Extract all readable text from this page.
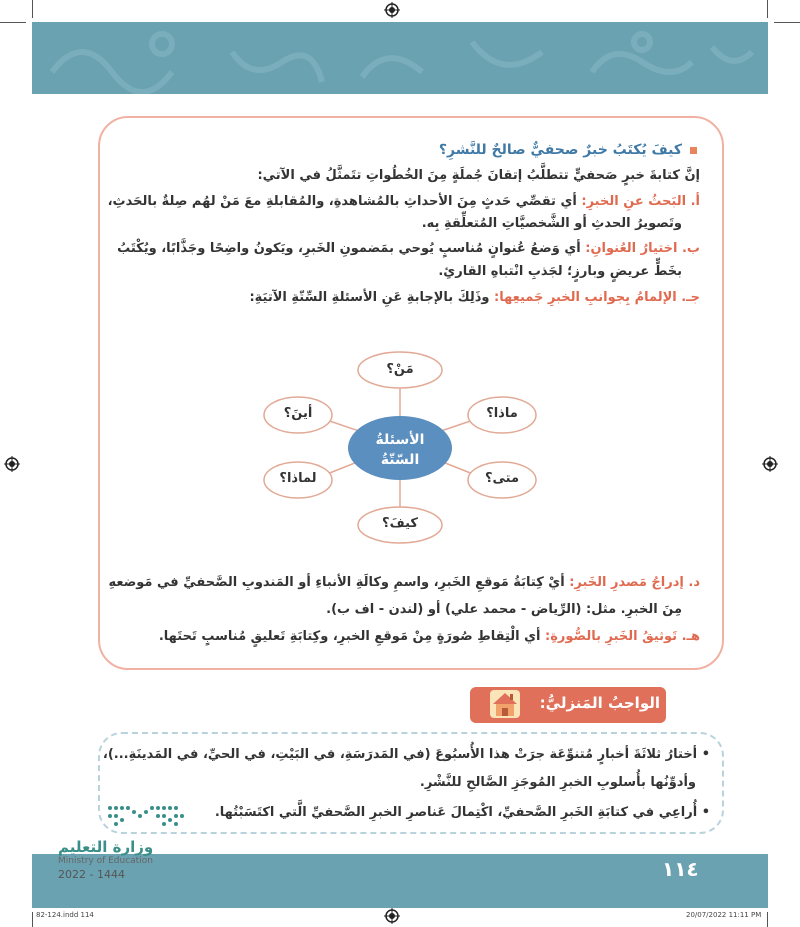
كيفَ يُكتَبُ خبرٌ صحفيٌّ صالحٌ للنَّشرِ؟
إنَّ كتابةَ خبرٍ صَحفيٍّ تتطلَّبُ إتقانَ جُملَةٍ مِنَ الخُطُواتِ تتَمثَّلُ في الآتي:
أ. البَحثُ عنِ الخبرِ: أي تقصِّي حَدثٍ مِنَ الأحداثِ بالمُشاهدةِ، والمُقابلةِ معَ مَنْ لهُم صِلةٌ بالحَدثِ،
وتَصويرُ الحدثِ أو الشَّخصيَّاتِ المُتعلِّقةِ بِه.
ب. اختيارُ العُنوانِ: أي وَضعُ عُنوانٍ مُناسبٍ يُوحي بمَضمونِ الخَبرِ، ويَكونُ واضِحًا وجَذَّابًا، ويُكْتَبُ
بخَطٍّ عريضٍ وبارزٍ؛ لجَذبِ انْتباهِ القارئِ.
جـ. الإلمامُ بِجوانبِ الخبرِ جَميعِها: وذَلِكَ بالإجابةِ عَنِ الأسئلةِ السِّتّةِ الآتيَةِ:
مَنْ؟
أينَ؟	ماذا؟
لماذا؟	متى؟
كيفَ؟
الأسئلةُ
السّتّةُ
د. إدراجُ مَصدرِ الخَبرِ: أيْ كِتابَةُ مَوقعِ الخَبرِ، واسمِ وكالَةِ الأنباءِ أو المَندوبِ الصَّحفيِّ في مَوضعهِ
مِنَ الخبرِ. مثل: (الرِّياض - محمد علي) أو (لندن - اف ب).
هـ. تَوثيقُ الخَبرِ بالصُّورةِ: أي الْتِقاطِ صُورَةٍ مِنْ مَوقعِ الخبرِ، وكِتابَةِ تَعليقٍ مُناسبٍ تَحتَها.
الواجبُ المَنزليُّ:
• أختارُ ثلاثَةَ أخبارٍ مُتنوِّعَة جرَتْ هذا الأُسبُوعَ (في المَدرَسَةِ، في البَيْتِ، في الحيِّ، في المَدينَةِ...)،
وأدوِّنُها بأُسلوبِ الخبرِ المُوجَزِ الصَّالحِ للنَّشْرِ.
• أُراعِي في كتابَةِ الخَبرِ الصَّحفيِّ، اكْتِمالَ عَناصرِ الخبرِ الصَّحفيِّ الَّتي اكتَسَبْتُها.
١١٤
وزارة التعليم
Ministry of Education
2022 - 1444
82-124.indd 114	20/07/2022 11:11 PM
